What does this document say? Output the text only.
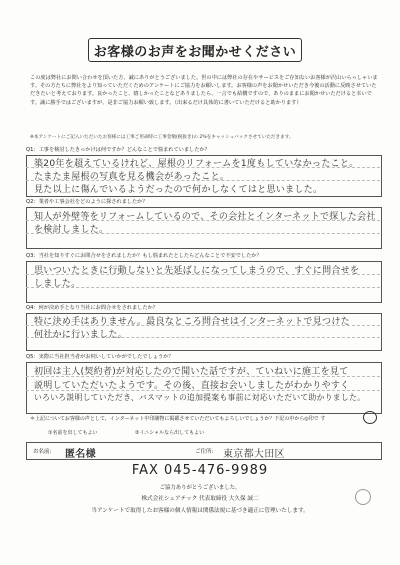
お客様のお声をお聞かせください

この度は弊社にお問い合わせを頂いた方、誠にありがとうございました。世の中には弊社の存在やサービスをご存知ないお客様が沢山いらっしゃいます。その方たちに弊社をより知っていただくためのアンケートにご協力をお願いします。お客様の声をお聞かせいただき今後の活動に反映させていただきたいと考えております。良かったこと、嬉しかったことなどありましたら、一言でも結構ですので、ありのままにお聞かせいただけると幸いです。誠に勝手ではございますが、是非ご協力お願い致します。（出来るだけ具体的に書いていただけると助かります）

※本アンケートにご記入いただいたお客様には工事ご用命時に工事金額(税抜き)の 2%をキャッシュバックさせていただきます。
Q1：工事を検討したきっかけは何ですか？どんなことで悩まれていましたか？
築20年を超えているけれど、屋根のリフォームを1度もしていなかったこと。
たまたま屋根の写真を見る機会があったこと。
見た以上に傷んでいるようだったので何かしなくてはと思いました。
Q2：業者や工事会社をどのように探されましたか？
知人が外壁等をリフォームしているので、その会社とインターネットで探した会社
を検討しました。
Q3：当社を知りすぐにお問合せをされましたか？もし悩まれたとしたらどんなことで不安でしたか？
思いついたときに行動しないと先延ばしになってしまうので、すぐに問合せを
しました。
Q4：何が決め手となり当社にお問合せをされましたか？
特に決め手はありません。最良なところ問合せはインターネットで見つけた
何社かに行いました。
Q5：実際に当社担当者がお伺いしていかがでしたでしょうか？
初回は主人(契約者)が対応したので聞いた話ですが、ていねいに施工を見て
説明していただいたようです。その後、直接お会いしましたがわかりやすく
いろいろ説明していただき、バスマットの追加提案も事前に対応いただいて助かりました。
＊上記についてお客様の声として、インターネット中印刷物に掲載させていただいてもよろしいでしょうか？下記の中から◎印で す
①名前を出してもよい	②イニシャルなら出してもよい
お名前: 匿名様	ご住所: 東京都大田区
FAX 045-476-9989
ご協力ありがとうございました。
株式会社シェアテック 代表取締役 大久保 誠二
当アンケートで取得したお客様の個人情報は関係法規に基づき適正に管理いたします。
